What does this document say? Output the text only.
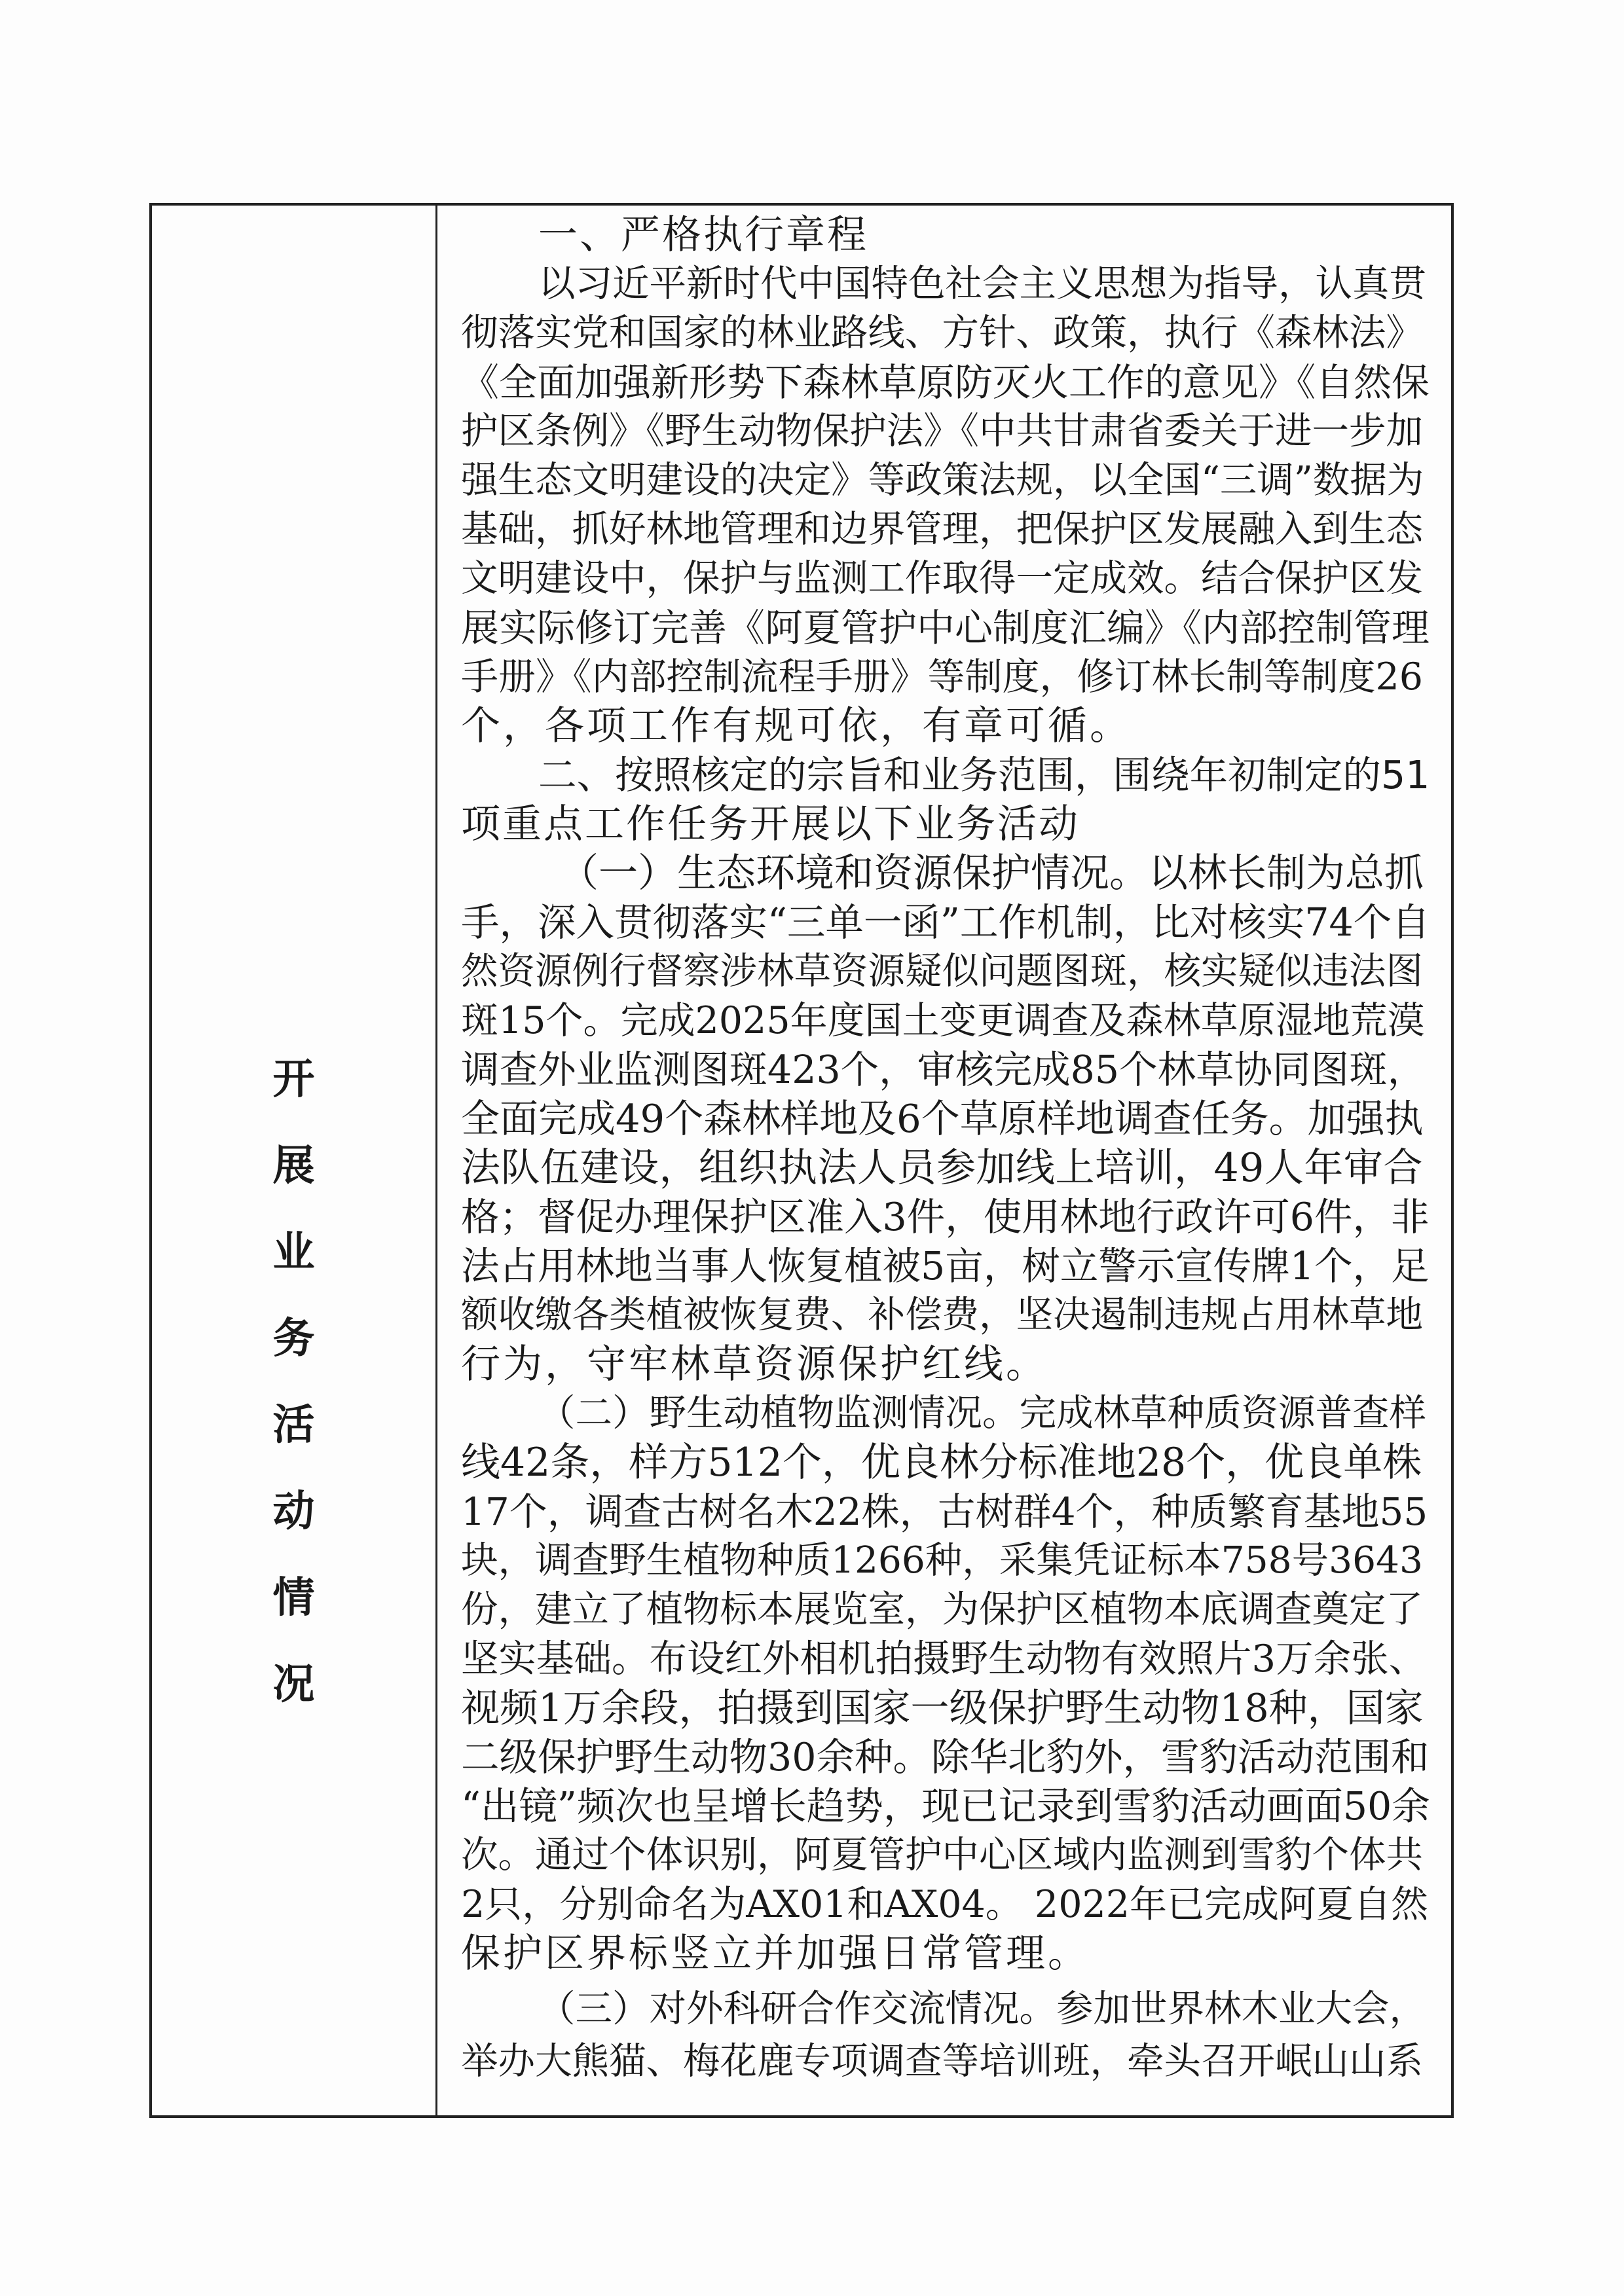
开
展
业
务
活
动
情
况
一、严格执行章程
以习近平新时代中国特色社会主义思想为指导，认真贯
彻落实党和国家的林业路线、方针、政策，执行《森林法》
《全面加强新形势下森林草原防灭火工作的意见》《自然保
护区条例》《野生动物保护法》《中共甘肃省委关于进一步加
强生态文明建设的决定》等政策法规，以全国“三调”数据为
基础，抓好林地管理和边界管理，把保护区发展融入到生态
文明建设中，保护与监测工作取得一定成效。结合保护区发
展实际修订完善《阿夏管护中心制度汇编》《内部控制管理
手册》《内部控制流程手册》等制度，修订林长制等制度26
个，各项工作有规可依，有章可循。
二、按照核定的宗旨和业务范围，围绕年初制定的51
项重点工作任务开展以下业务活动
（一）生态环境和资源保护情况。以林长制为总抓
手，深入贯彻落实“三单一函”工作机制，比对核实74个自
然资源例行督察涉林草资源疑似问题图斑，核实疑似违法图
斑15个。完成2025年度国土变更调查及森林草原湿地荒漠
调查外业监测图斑423个，审核完成85个林草协同图斑，
全面完成49个森林样地及6个草原样地调查任务。加强执
法队伍建设，组织执法人员参加线上培训，49人年审合
格；督促办理保护区准入3件，使用林地行政许可6件，非
法占用林地当事人恢复植被5亩，树立警示宣传牌1个，足
额收缴各类植被恢复费、补偿费，坚决遏制违规占用林草地
行为，守牢林草资源保护红线。
（二）野生动植物监测情况。完成林草种质资源普查样
线42条，样方512个，优良林分标准地28个，优良单株
17个，调查古树名木22株，古树群4个，种质繁育基地55
块，调查野生植物种质1266种，采集凭证标本758号3643
份，建立了植物标本展览室，为保护区植物本底调查奠定了
坚实基础。布设红外相机拍摄野生动物有效照片3万余张、
视频1万余段，拍摄到国家一级保护野生动物18种，国家
二级保护野生动物30余种。除华北豹外，雪豹活动范围和
“出镜”频次也呈增长趋势，现已记录到雪豹活动画面50余
次。通过个体识别，阿夏管护中心区域内监测到雪豹个体共
2只，分别命名为AX01和AX04。 2022年已完成阿夏自然
保护区界标竖立并加强日常管理。
（三）对外科研合作交流情况。参加世界林木业大会，
举办大熊猫、梅花鹿专项调查等培训班，牵头召开岷山山系
